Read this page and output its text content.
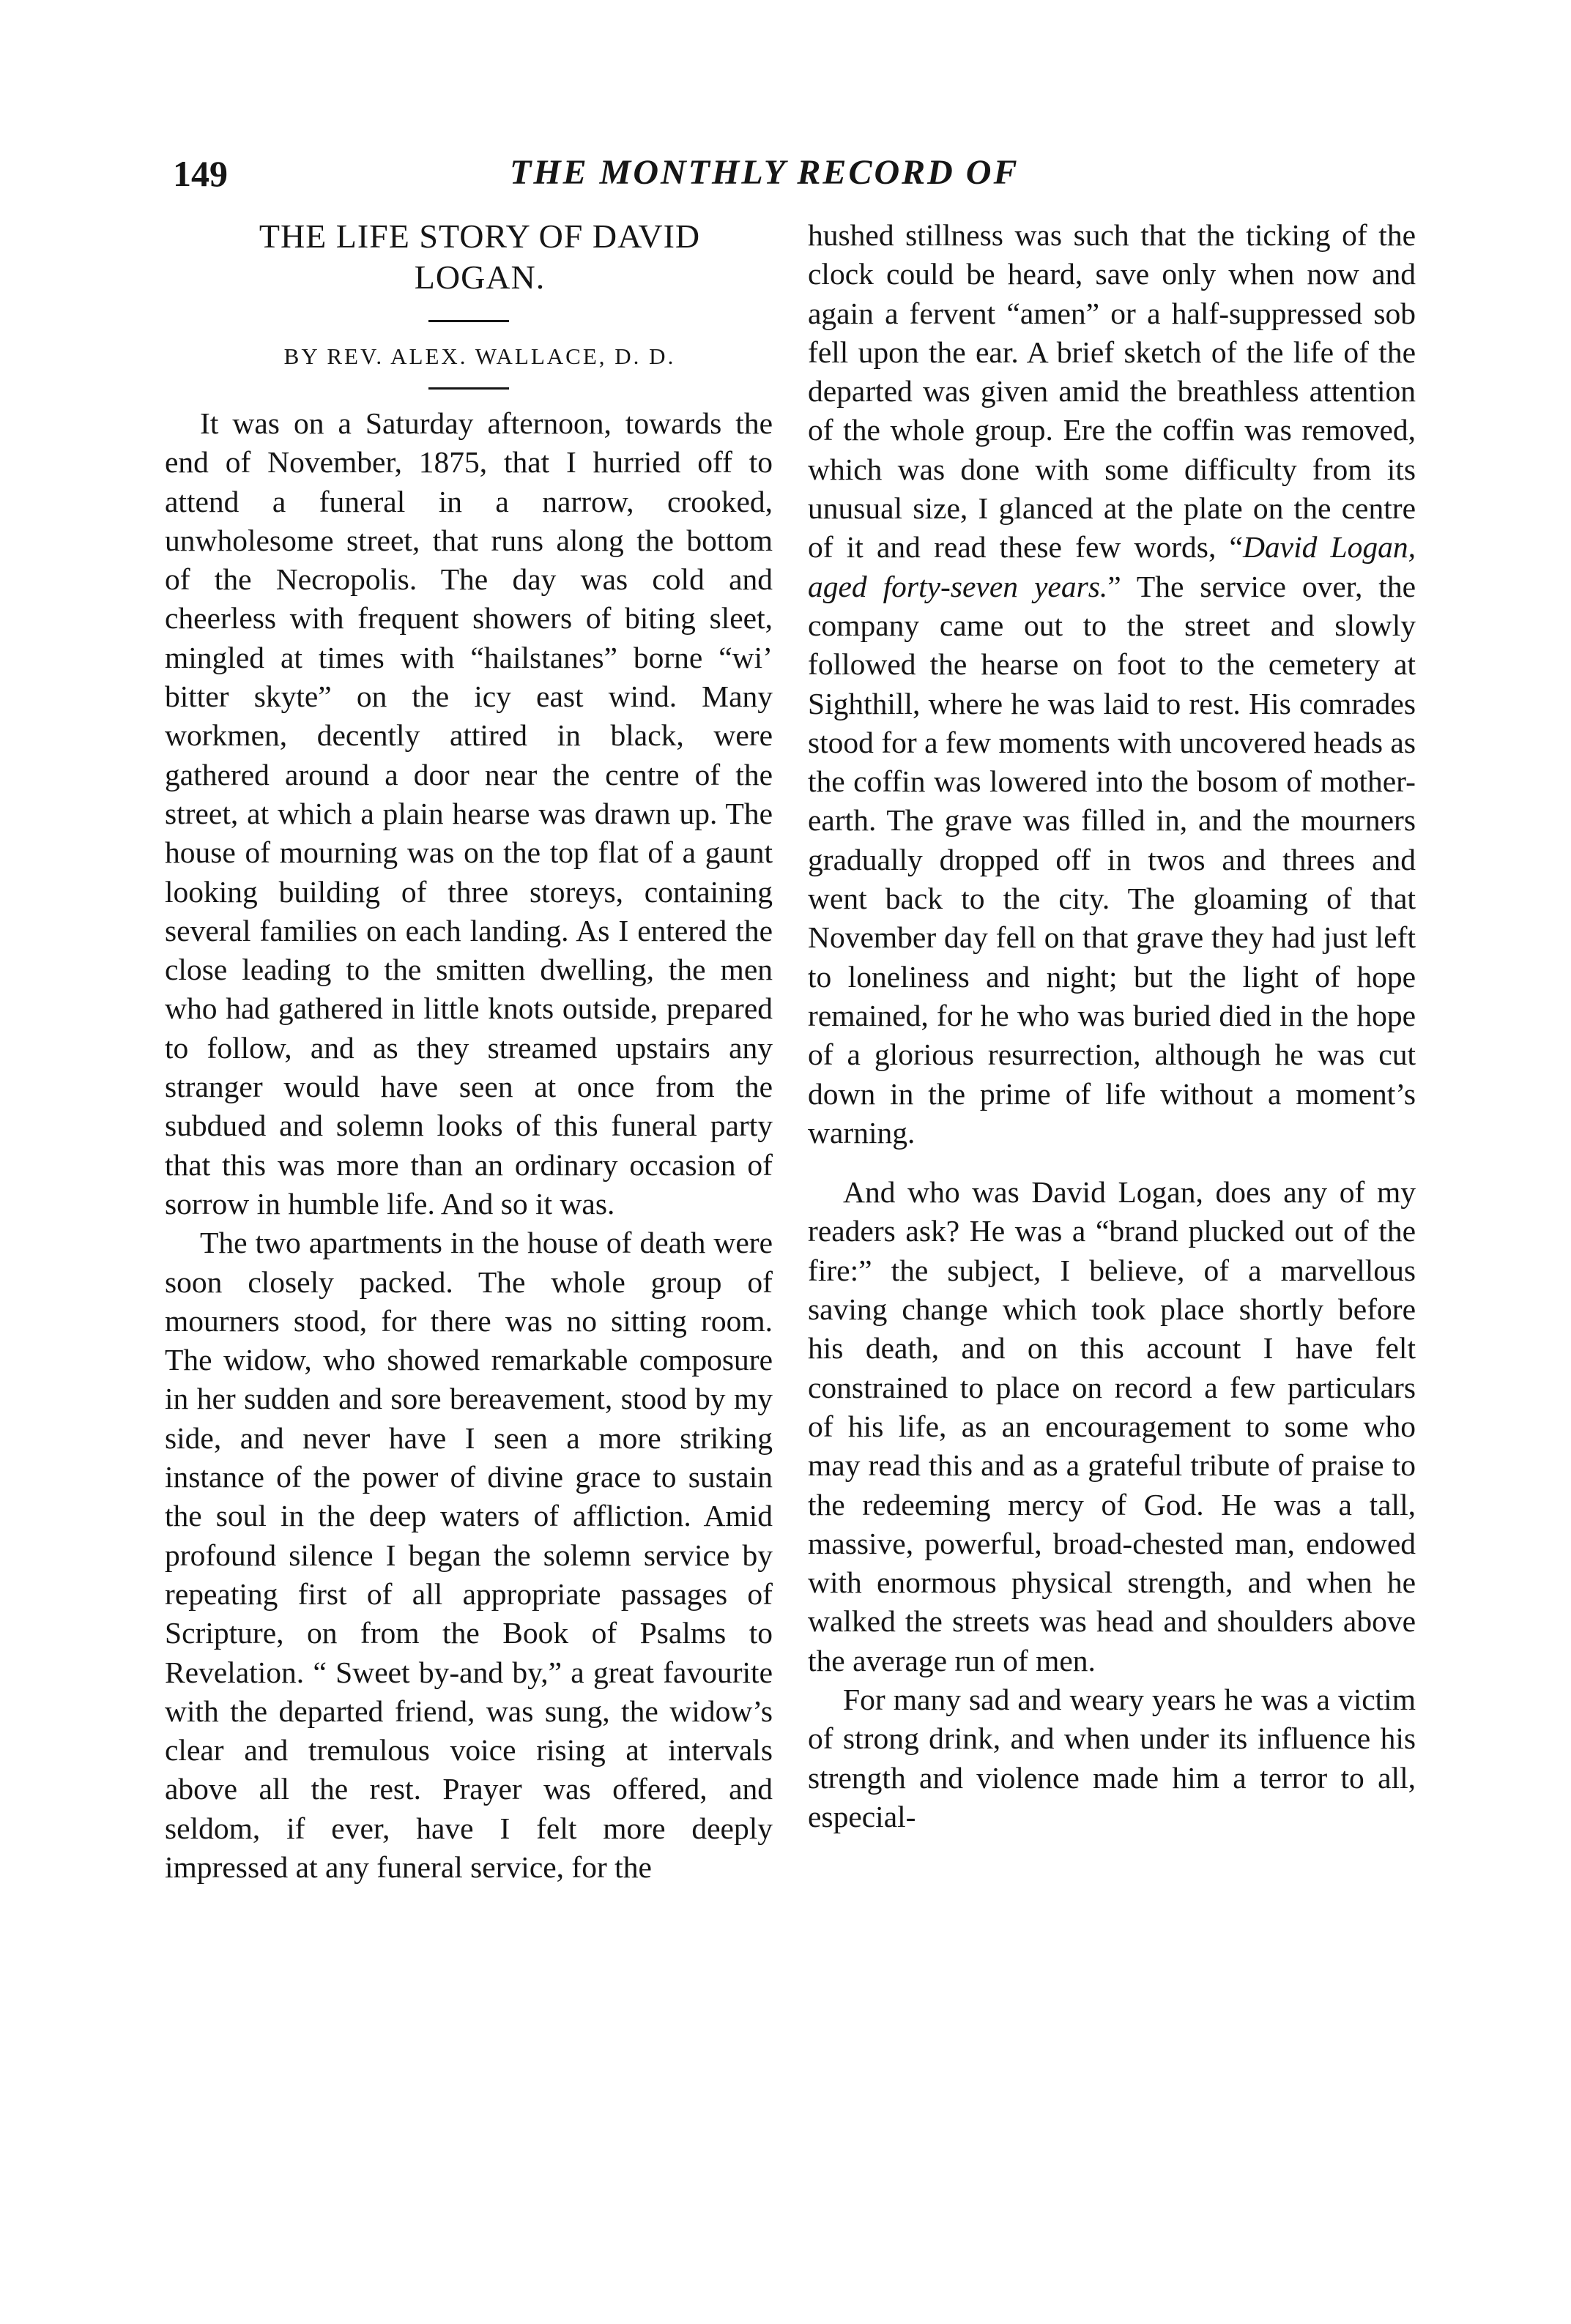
149	THE MONTHLY RECORD OF
THE LIFE STORY OF DAVID LOGAN.
BY REV. ALEX. WALLACE, D. D.

It was on a Saturday afternoon, towards the end of November, 1875, that I hurried off to attend a funeral in a narrow, crooked, unwholesome street, that runs along the bottom of the Necropolis. The day was cold and cheerless with frequent showers of biting sleet, mingled at times with “hailstanes” borne “wi’ bitter skyte” on the icy east wind. Many workmen, decently attired in black, were gathered around a door near the centre of the street, at which a plain hearse was drawn up. The house of mourning was on the top flat of a gaunt looking building of three storeys, containing several families on each landing. As I entered the close leading to the smitten dwelling, the men who had gathered in little knots outside, prepared to follow, and as they streamed upstairs any stranger would have seen at once from the subdued and solemn looks of this funeral party that this was more than an ordinary occasion of sorrow in humble life. And so it was.

The two apartments in the house of death were soon closely packed. The whole group of mourners stood, for there was no sitting room. The widow, who showed remarkable composure in her sudden and sore bereavement, stood by my side, and never have I seen a more striking instance of the power of divine grace to sustain the soul in the deep waters of affliction. Amid profound silence I began the solemn service by repeating first of all appropriate passages of Scripture, on from the Book of Psalms to Revelation. “ Sweet by-and by,” a great favourite with the departed friend, was sung, the widow’s clear and tremulous voice rising at intervals above all the rest. Prayer was offered, and seldom, if ever, have I felt more deeply impressed at any funeral service, for the

hushed stillness was such that the ticking of the clock could be heard, save only when now and again a fervent “amen” or a half-suppressed sob fell upon the ear. A brief sketch of the life of the departed was given amid the breathless attention of the whole group. Ere the coffin was removed, which was done with some difficulty from its unusual size, I glanced at the plate on the centre of it and read these few words, “David Logan, aged forty-seven years.” The service over, the company came out to the street and slowly followed the hearse on foot to the cemetery at Sighthill, where he was laid to rest. His comrades stood for a few moments with uncovered heads as the coffin was lowered into the bosom of mother-earth. The grave was filled in, and the mourners gradually dropped off in twos and threes and went back to the city. The gloaming of that November day fell on that grave they had just left to loneliness and night; but the light of hope remained, for he who was buried died in the hope of a glorious resurrection, although he was cut down in the prime of life without a moment’s warning.

And who was David Logan, does any of my readers ask? He was a “brand plucked out of the fire:” the subject, I believe, of a marvellous saving change which took place shortly before his death, and on this account I have felt constrained to place on record a few particulars of his life, as an encouragement to some who may read this and as a grateful tribute of praise to the redeeming mercy of God. He was a tall, massive, powerful, broad-chested man, endowed with enormous physical strength, and when he walked the streets was head and shoulders above the average run of men.

For many sad and weary years he was a victim of strong drink, and when under its influence his strength and violence made him a terror to all, especial-
